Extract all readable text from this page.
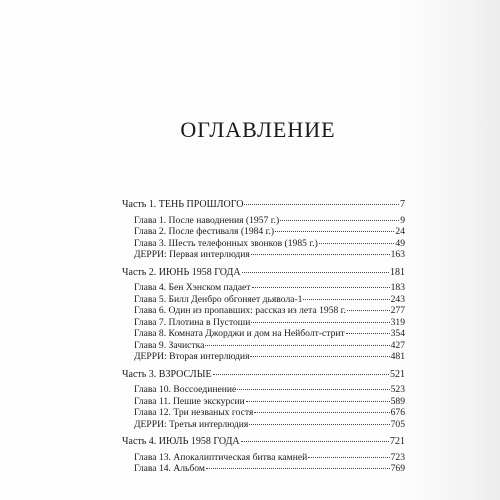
ОГЛАВЛЕНИЕ
Часть 1. ТЕНЬ ПРОШЛОГО	7
Глава 1. После наводнения (1957 г.)	9
Глава 2. После фестиваля (1984 г.)	24
Глава 3. Шесть телефонных звонков (1985 г.)	49
ДЕРРИ: Первая интерлюдия	163
Часть 2. ИЮНЬ 1958 ГОДА	181
Глава 4. Бен Хэнском падает	183
Глава 5. Билл Денбро обгоняет дьявола-1	243
Глава 6. Один из пропавших: рассказ из лета 1958 г.	277
Глава 7. Плотина в Пустоши	319
Глава 8. Комната Джорджи и дом на Нейболт-стрит	354
Глава 9. Зачистка	427
ДЕРРИ: Вторая интерлюдия	481
Часть 3. ВЗРОСЛЫЕ	521
Глава 10. Воссоединение	523
Глава 11. Пешие экскурсии	589
Глава 12. Три незваных гостя	676
ДЕРРИ: Третья интерлюдия	705
Часть 4. ИЮЛЬ 1958 ГОДА	721
Глава 13. Апокалиптическая битва камней	723
Глава 14. Альбом	769
